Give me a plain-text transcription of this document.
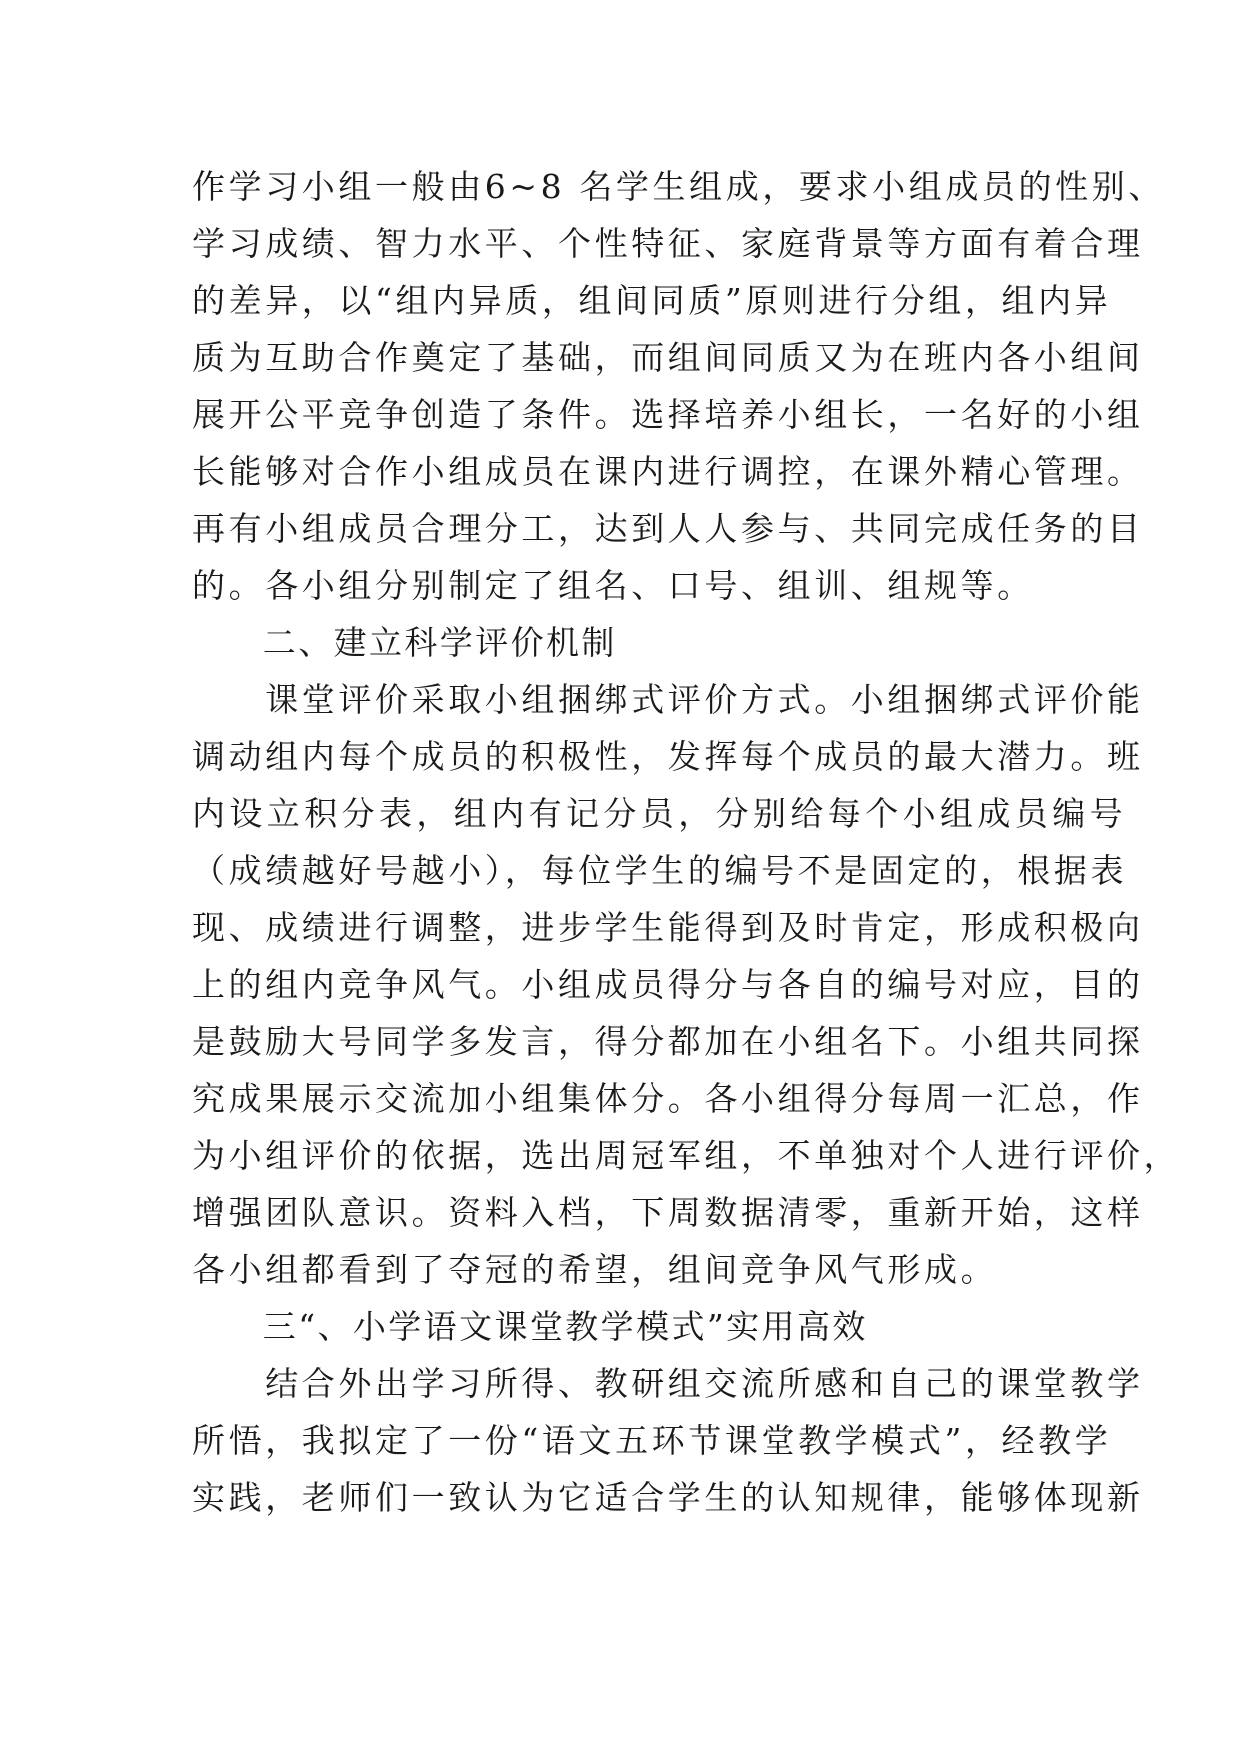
作学习小组一般由6~8 名学生组成，要求小组成员的性别、
学习成绩、智力水平、个性特征、家庭背景等方面有着合理
的差异，以“组内异质，组间同质”原则进行分组，组内异
质为互助合作奠定了基础，而组间同质又为在班内各小组间
展开公平竞争创造了条件。选择培养小组长，一名好的小组
长能够对合作小组成员在课内进行调控，在课外精心管理。
再有小组成员合理分工，达到人人参与、共同完成任务的目
的。各小组分别制定了组名、口号、组训、组规等。
　　二、建立科学评价机制
　　课堂评价采取小组捆绑式评价方式。小组捆绑式评价能
调动组内每个成员的积极性，发挥每个成员的最大潜力。班
内设立积分表，组内有记分员，分别给每个小组成员编号
（成绩越好号越小），每位学生的编号不是固定的，根据表
现、成绩进行调整，进步学生能得到及时肯定，形成积极向
上的组内竞争风气。小组成员得分与各自的编号对应，目的
是鼓励大号同学多发言，得分都加在小组名下。小组共同探
究成果展示交流加小组集体分。各小组得分每周一汇总，作
为小组评价的依据，选出周冠军组，不单独对个人进行评价，
增强团队意识。资料入档，下周数据清零，重新开始，这样
各小组都看到了夺冠的希望，组间竞争风气形成。
　　三“、小学语文课堂教学模式”实用高效
　　结合外出学习所得、教研组交流所感和自己的课堂教学
所悟，我拟定了一份“语文五环节课堂教学模式”，经教学
实践，老师们一致认为它适合学生的认知规律，能够体现新
